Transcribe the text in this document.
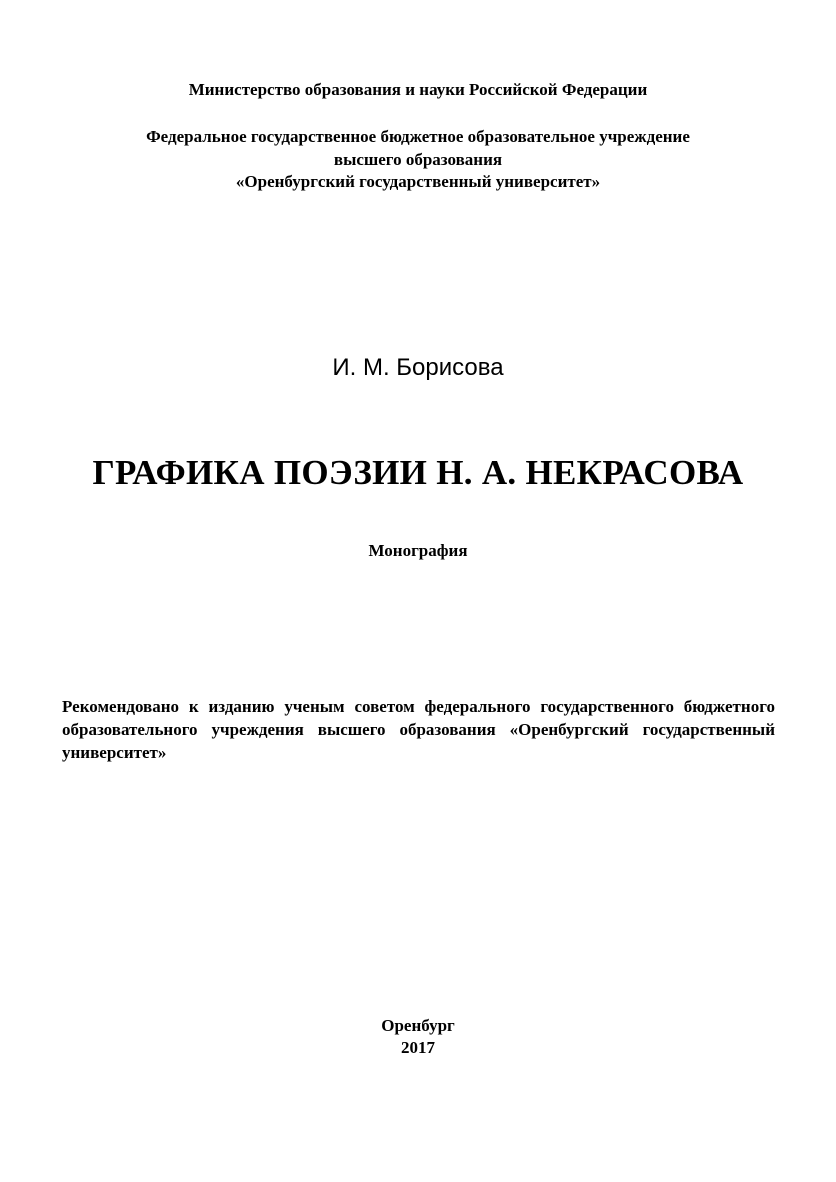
Министерство образования и науки Российской Федерации
Федеральное государственное бюджетное образовательное учреждение
высшего образования
«Оренбургский государственный университет»
И. М. Борисова
ГРАФИКА ПОЭЗИИ Н. А. НЕКРАСОВА
Монография
Рекомендовано к изданию ученым советом федерального государственного бюджетного образовательного учреждения высшего образования «Оренбургский государственный университет»
Оренбург
2017
